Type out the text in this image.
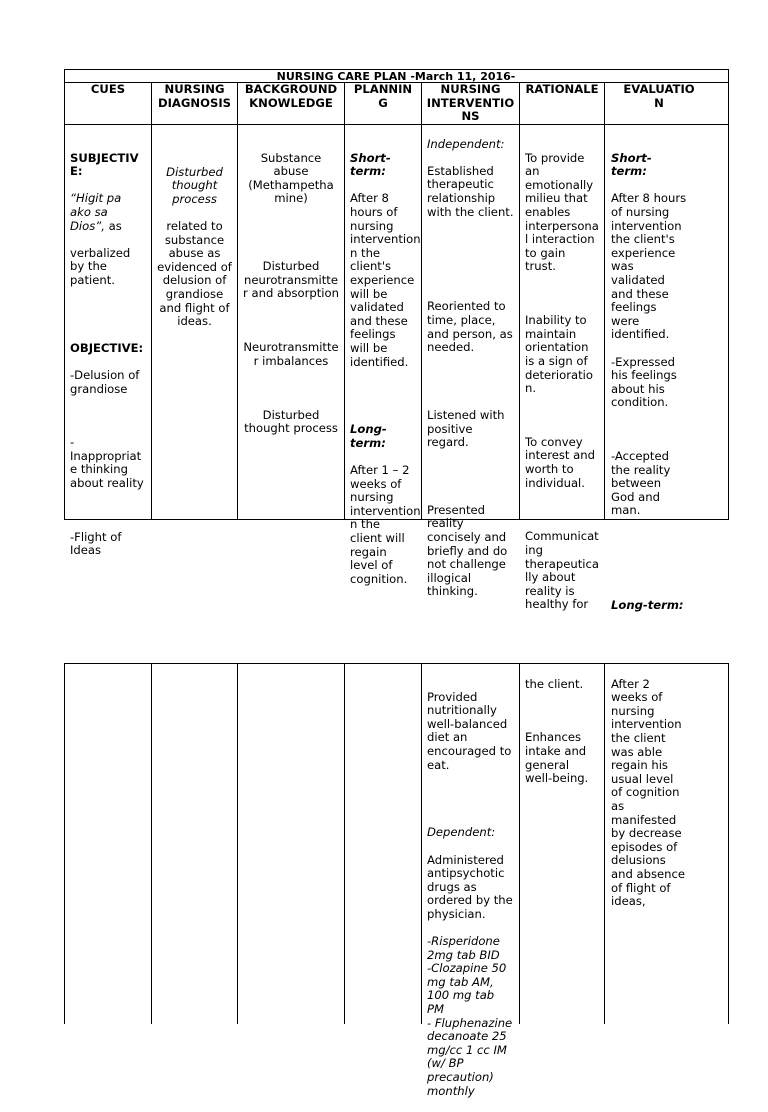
NURSING CARE PLAN -March 11, 2016-
CUES	NURSING
DIAGNOSIS
BACKGROUND
KNOWLEDGE
PLANNIN
G
NURSING
INTERVENTIO
NS
RATIONALE	EVALUATIO
N

SUBJECTIV
E:

“Higit pa
ako sa
Dios”, as

verbalized
by the
patient.

OBJECTIVE:

-Delusion of
grandiose

-
Inappropriat
e thinking
about reality

-Flight of
Ideas

Disturbed
thought
process

related to
substance
abuse as
evidenced of
delusion of
grandiose
and flight of
ideas.

Substance
abuse
(Methampetha
mine)

Disturbed
neurotransmitte
r and absorption

Neurotransmitte
r imbalances

Disturbed
thought process

Short-
term:

After 8
hours of
nursing
intervention
n the
client's
experience
will be
validated
and these
feelings
will be
identified.

Long-
term:

After 1 – 2
weeks of
nursing
intervention
n the
client will
regain
level of
cognition.

Independent:

Established
therapeutic
relationship
with the client.

Reoriented to
time, place,
and person, as
needed.

Listened with
positive
regard.

Presented
reality
concisely and
briefly and do
not challenge
illogical
thinking.

To provide
an
emotionally
milieu that
enables
interpersona
l interaction
to gain
trust.

Inability to
maintain
orientation
is a sign of
deterioratio
n.

To convey
interest and
worth to
individual.

Communicat
ing
therapeutica
lly about
reality is
healthy for

Short-
term:

After 8 hours
of nursing
intervention
the client's
experience
was
validated
and these
feelings
were
identified.

-Expressed
his feelings
about his
condition.

-Accepted
the reality
between
God and
man.

Long-term:

Provided
nutritionally
well-balanced
diet an
encouraged to
eat.

Dependent:

Administered
antipsychotic
drugs as
ordered by the
physician.

-Risperidone
2mg tab BID
-Clozapine 50
mg tab AM,
100 mg tab
PM
- Fluphenazine
decanoate 25
mg/cc 1 cc IM
(w/ BP
precaution)
monthly

the client.

Enhances
intake and
general
well-being.

After 2
weeks of
nursing
intervention
the client
was able
regain his
usual level
of cognition
as
manifested
by decrease
episodes of
delusions
and absence
of flight of
ideas,
